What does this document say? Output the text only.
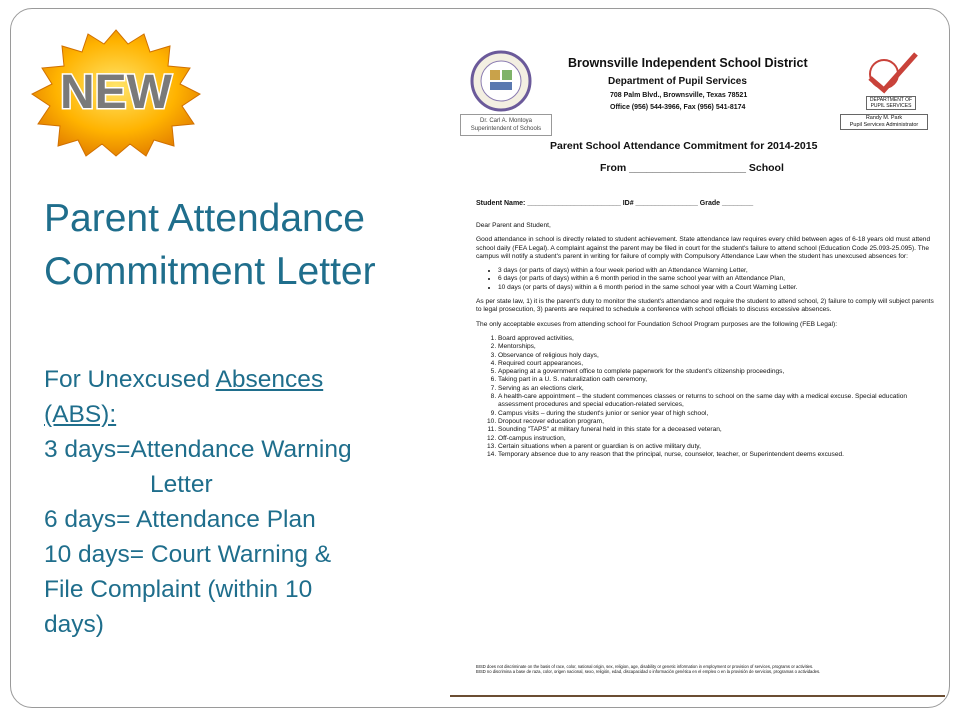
NEW
Parent Attendance
Commitment Letter
For Unexcused Absences
(ABS):
3 days=Attendance Warning
Letter
6 days= Attendance Plan
10 days= Court Warning &
File Complaint (within 10
days)
Dr. Carl A. Montoya
Superintendent of Schools
Brownsville Independent School District
Department of Pupil Services
708 Palm Blvd., Brownsville, Texas 78521
Office (956) 544-3966, Fax (956) 541-8174
DEPARTMENT OF PUPIL SERVICES
Randy M. Park
Pupil Services Administrator
Parent School Attendance Commitment for 2014-2015
From ____________________ School
Student Name: ________________________ ID# ________________ Grade ________

Dear Parent and Student,

Good attendance in school is directly related to student achievement. State attendance law requires every child between ages of 6-18 years old must attend school daily (FEA Legal). A complaint against the parent may be filed in court for the student's failure to attend school (Education Code 25.093-25.095). The campus will notify a student's parent in writing for failure of comply with Compulsory Attendance Law when the student has unexcused absences for:

• 3 days (or parts of days) within a four week period with an Attendance Warning Letter,
• 6 days (or parts of days) within a 6 month period in the same school year with an Attendance Plan,
• 10 days (or parts of days) within a 6 month period in the same school year with a Court Warning Letter.

As per state law, 1) it is the parent's duty to monitor the student's attendance and require the student to attend school, 2) failure to comply will subject parents to legal prosecution, 3) parents are required to schedule a conference with school officials to discuss excessive absences.

The only acceptable excuses from attending school for Foundation School Program purposes are the following (FEB Legal):

1. Board approved activities,
2. Mentorships,
3. Observance of religious holy days,
4. Required court appearances,
5. Appearing at a government office to complete paperwork for the student's citizenship proceedings,
6. Taking part in a U. S. naturalization oath ceremony,
7. Serving as an elections clerk,
8. A health-care appointment – the student commences classes or returns to school on the same day with a medical excuse. Special education assessment procedures and special education-related services,
9. Campus visits – during the student's junior or senior year of high school,
10. Dropout recover education program,
11. Sounding "TAPS" at military funeral held in this state for a deceased veteran,
12. Off-campus instruction,
13. Certain situations when a parent or guardian is on active military duty,
14. Temporary absence due to any reason that the principal, nurse, counselor, teacher, or Superintendent deems excused.
BISD does not discriminate on the basis of race, color, national origin, sex, religion, age, disability or genetic information in employment or provision of services, programs or activities.
BISD no discrimina a base de raza, color, origen nacional, sexo, religión, edad, discapacidad o información genética en el empleo o en la provisión de servicios, programas o actividades.
